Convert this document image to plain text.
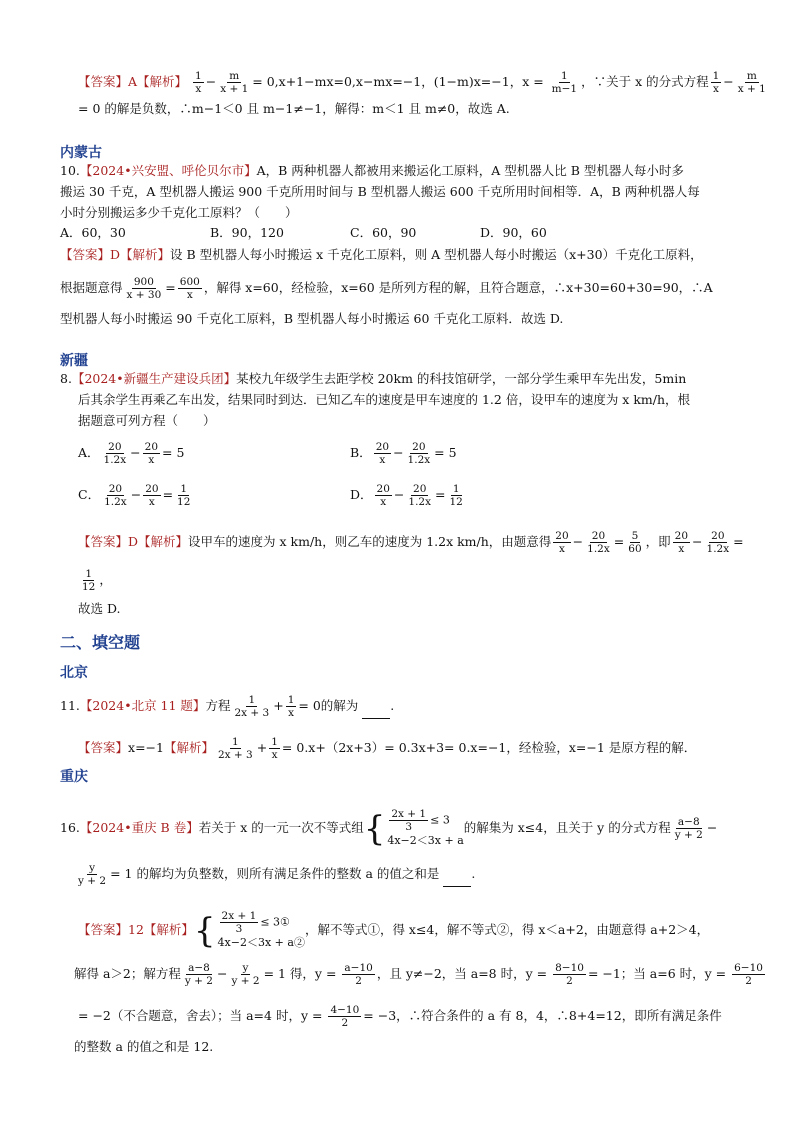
【答案】A【解析】 $\frac{1}{x} - \frac{m}{x + 1} = 0,x+1-mx=0,x-mx=-1$，(1−m)x=−1，$x = \frac{1}{m-1}$ ，∵关于 x 的分式方程 $\frac{1}{x} - \frac{m}{x + 1}$
= 0 的解是负数，∴m−1＜0 且 m−1≠−1，解得：m＜1 且 m≠0，故选 A.
内蒙古
10.【2024•兴安盟、呼伦贝尔市】A，B 两种机器人都被用来搬运化工原料，A 型机器人比 B 型机器人每小时多
搬运 30 千克，A 型机器人搬运 900 千克所用时间与 B 型机器人搬运 600 千克所用时间相等．A，B 两种机器人每
小时分别搬运多少千克化工原料？（　　）
A．60，30	B．90，120	C．60，90	D．90，60
【答案】D【解析】设 B 型机器人每小时搬运 x 千克化工原料，则 A 型机器人每小时搬运（x+30）千克化工原料，
根据题意得 $\frac{900}{x + 30} = \frac{600}{x}$ ，解得 x=60，经检验，x=60 是所列方程的解，且符合题意，∴x+30=60+30=90，∴A
型机器人每小时搬运 90 千克化工原料，B 型机器人每小时搬运 60 千克化工原料．故选 D.
新疆
8.【2024•新疆生产建设兵团】某校九年级学生去距学校 20km 的科技馆研学，一部分学生乘甲车先出发，5min
后其余学生再乘乙车出发，结果同时到达．已知乙车的速度是甲车速度的 1.2 倍，设甲车的速度为 x km/h，根
据题意可列方程（　　）
A． $\frac{20}{1.2x} - \frac{20}{x} = 5$	B． $\frac{20}{x} - \frac{20}{1.2x} = 5$
C． $\frac{20}{1.2x} - \frac{20}{x} = \frac{1}{12}$	D． $\frac{20}{x} - \frac{20}{1.2x} = \frac{1}{12}$
【答案】D【解析】设甲车的速度为 x km/h，则乙车的速度为 1.2x km/h，由题意得 $\frac{20}{x} - \frac{20}{1.2x} = \frac{5}{60}$ ，即 $\frac{20}{x} - \frac{20}{1.2x}$ =
$\frac{1}{12}$ ，
故选 D.
二、填空题
北京
11.【2024•北京 11 题】方程 $\frac{1}{2x + 3} + \frac{1}{x} = 0$的解为	.
【答案】x=−1【解析】 $\frac{1}{2x + 3} + \frac{1}{x} = 0.x+(2x+3)= 0.3x+3= 0.x=-1$，经检验，x=−1 是原方程的解．
重庆
16.【2024•重庆 B 卷】若关于 x 的一元一次不等式组 { $\frac{2x + 1}{3} \le 3$
4x−2＜3x + a
的解集为 x≤4，且关于 y 的分式方程 $\frac{a-8}{y + 2}$ −
$\frac{y}{y + 2} = 1$ 的解均为负整数，则所有满足条件的整数 a 的值之和是	.
【答案】12【解析】 { $\frac{2x + 1}{3}$ ≤ 3①
4x−2＜3x + a②
，解不等式①，得 x≤4，解不等式②，得 x＜a+2，由题意得 a+2＞4，
解得 a＞2；解方程 $\frac{a-8}{y + 2} - \frac{y}{y + 2} = 1$ 得，$y = \frac{a-10}{2}$ ，且 y≠−2，当 a=8 时，$y = \frac{8-10}{2} = -1$；当 a=6 时，$y = \frac{6-10}{2}$
= −2（不合题意，舍去）；当 a=4 时，$y = \frac{4-10}{2} = -3$，∴符合条件的 a 有 8，4，∴8+4=12，即所有满足条件
的整数 a 的值之和是 12.
